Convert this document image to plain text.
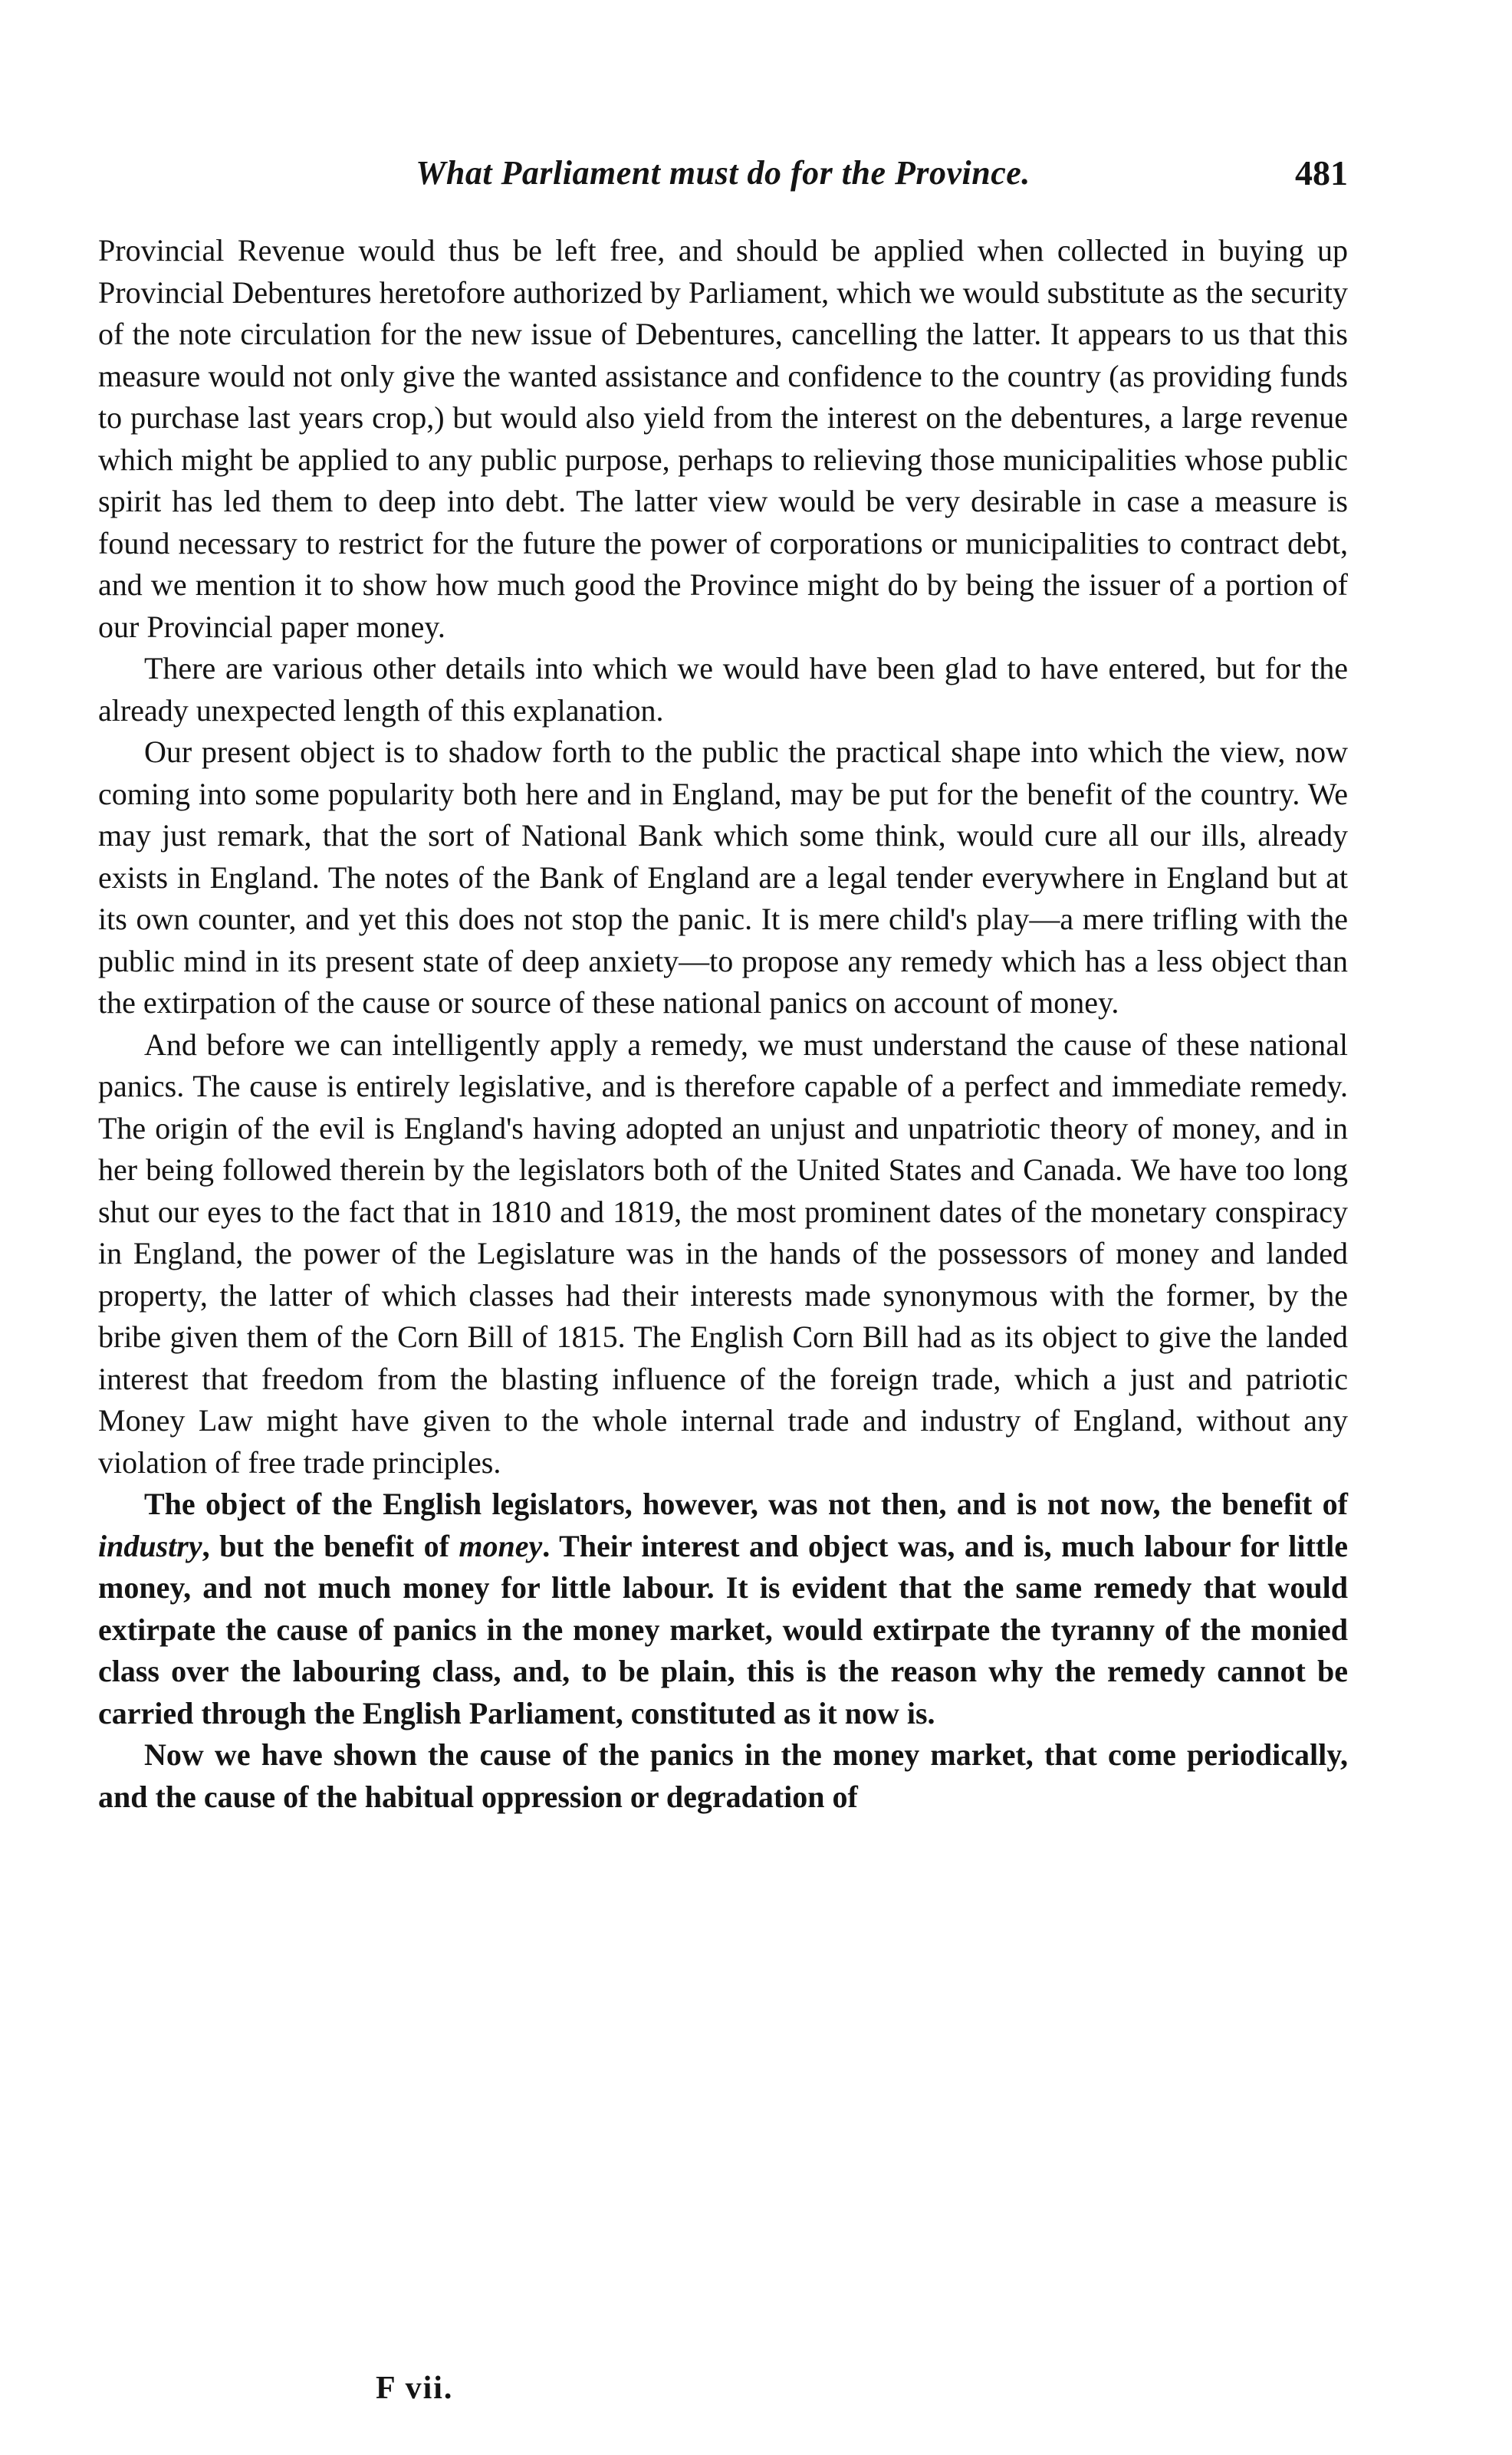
What Parliament must do for the Province.	481

Provincial Revenue would thus be left free, and should be applied when collected in buying up Provincial Debentures heretofore authorized by Parliament, which we would substitute as the security of the note circulation for the new issue of Debentures, cancelling the latter. It appears to us that this measure would not only give the wanted assistance and confidence to the country (as providing funds to purchase last years crop,) but would also yield from the interest on the debentures, a large revenue which might be applied to any public purpose, perhaps to relieving those municipalities whose public spirit has led them to deep into debt. The latter view would be very desirable in case a measure is found necessary to restrict for the future the power of corporations or municipalities to contract debt, and we mention it to show how much good the Province might do by being the issuer of a portion of our Provincial paper money.

There are various other details into which we would have been glad to have entered, but for the already unexpected length of this explanation.

Our present object is to shadow forth to the public the practical shape into which the view, now coming into some popularity both here and in England, may be put for the benefit of the country. We may just remark, that the sort of National Bank which some think, would cure all our ills, already exists in England. The notes of the Bank of England are a legal tender everywhere in England but at its own counter, and yet this does not stop the panic. It is mere child's play—a mere trifling with the public mind in its present state of deep anxiety—to propose any remedy which has a less object than the extirpation of the cause or source of these national panics on account of money.

And before we can intelligently apply a remedy, we must understand the cause of these national panics. The cause is entirely legislative, and is therefore capable of a perfect and immediate remedy. The origin of the evil is England's having adopted an unjust and unpatriotic theory of money, and in her being followed therein by the legislators both of the United States and Canada. We have too long shut our eyes to the fact that in 1810 and 1819, the most prominent dates of the monetary conspiracy in England, the power of the Legislature was in the hands of the possessors of money and landed property, the latter of which classes had their interests made synonymous with the former, by the bribe given them of the Corn Bill of 1815. The English Corn Bill had as its object to give the landed interest that freedom from the blasting influence of the foreign trade, which a just and patriotic Money Law might have given to the whole internal trade and industry of England, without any violation of free trade principles.

The object of the English legislators, however, was not then, and is not now, the benefit of industry, but the benefit of money. Their interest and object was, and is, much labour for little money, and not much money for little labour. It is evident that the same remedy that would extirpate the cause of panics in the money market, would extirpate the tyranny of the monied class over the labouring class, and, to be plain, this is the reason why the remedy cannot be carried through the English Parliament, constituted as it now is.

Now we have shown the cause of the panics in the money market, that come periodically, and the cause of the habitual oppression or degradation of

F vii.
